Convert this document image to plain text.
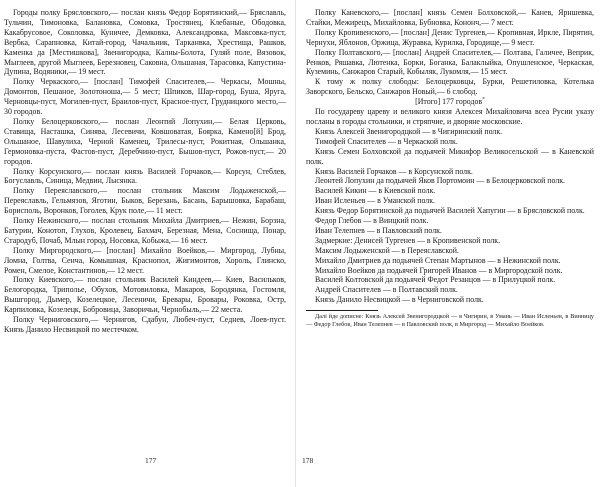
Городы полку Брясловского,— послан князь Федор Борятинский,— Бряславль, Тульчин, Тимоновка, Балановка, Сомовка, Тростянец, Клебаные, Ободовка, Какабрусовое, Соколовка, Куничее, Демковка, Александровка, Максовка-пуст, Вербка, Сарапновка, Китай-город, Чачальник, Тарканвка, Хрестища, Рашков, Каменка да [Местишкова], Звенигородка, Калны-Болота, Гуляй поле, Вязовок, Мыглеев, другой Мыглеев, Березновец, Саковна, Ольшаная, Тарасовка, Капустина-Дупина, Водяники,— 19 мест.

Полку Черкаского,— [послан] Тимофей Спасителев,— Черкасы, Мошны, Домонтов, Пешаное, Золотоноша,— 5 мест; Шпиков, Шар-город, Буша, Яруга, Черновцы-пуст, Могилев-пуст, Браилов-пуст, Красное-пуст, Грудницкого место,— 30 городов.

Полку Белоцерковского,— послан Леонтий Лопухин,— Белая Церковь, Ставища, Насташка, Синява, Лесевичи, Ковшоватая, Боярка, Камено[й] Брод, Ольшаное, Шавулиха, Черной Каменец, Трилесы-пуст, Рокитная, Ольшанка, Гермоновка-пуста, Фастов-пуст, Деребчино-пуст, Бышов-пуст, Рожов-пуст,— 20 городов.

Полку Корсунского,— послан князь Василей Горчаков,— Корсун, Стеблев, Богуславль, Синица, Медвин, Лысянка.

Полку Переяславского,— послан стольник Максим Лодыженской,— Переяславль, Гельмязов, Яготин, Быков, Березань, Басань, Барышовка, Барабаш, Борисполь, Воронков, Гоголев, Крук поле,— 11 мест.

Полку Нежинского,— послан стольник Михайла Дмитриев,— Нежин, Борзна, Батурин, Конотоп, Глухов, Кролевец, Бахмач, Березная, Мена, Соснища, Понар, Стародуб, Почаб, Млын город, Носовка, Кобыжа,— 16 мест.

Полку Миргородского,— [послан] Михайло Воейков,— Миргород, Лубны, Ломна, Голтва, Сенча, Комышная, Краснопол, Жигимонтов, Хороль, Глинско, Ромен, Смелое, Константинов,— 12 мест.

Полку Киевского,— послан стольник Василей Киндеев,— Киев, Васильков, Белогородка, Триполье, Обухов, Мотовиловка, Макаров, Бородянка, Гостомля, Вышгород, Дымер, Козелецкое, Лесеничи, Бревары, Бровары, Роковка, Остр, Карпиловка, Козелецк, Бобровица, Заворичьи, Чернобыль,— 22 места.

Полку Черниговского,— Чернигов, Сдабун, Любеч-пуст, Седнев, Лоев-пуст. Князь Данило Несвицкой по местечком.

177

Полку Каневского,— [послан] князь Семен Болховской,— Канев, Ярншевка, Стайки, Межирецъ, Михайловка, Бубновка, Кононч,— 7 мест.

Полку Кропивенского,— [послан] Денис Тургенев,— Кропивная, Иркле, Пирятин, Чернухи, Яблонов, Оржица, Журавка, Курилка, Городище,— 9 мест.

Полку Полтавского,— [послан] Андрей Спасителев,— Полтава, Галичее, Веприк, Ренков, Ряшавка, Лютенка, Борки, Боганка, Балаклыйка, Опушленское, Черкаская, Куземинь, Санжаров Старый, Кобыляк, Лукомля,— 15 мест.

К тому ж полку слободы: Белоцерковцы, Бурки, Решетиловка, Котелька Заворского, Бельско, Санжаров Новый,— 6 слобод.

[Итого] 177 городов*

По государеву цареву и великого князя Алексея Михайловича всеа Русии указу посланы в городы стольники, и стряпчие, и дворяне московские.

Князь Алексей Звенигородцкой — в Чигиринский полк.

Тимофей Спасителев — в Черкаской полк.

Князь Семен Болховской да подьячей Микифор Великосельской — в Каневской полк.

Князь Василей Горчаков — в Корсунской полк.

Леонтей Лопухин да подьячей Яков Портомоин — в Белоцерковской полк.

Василей Кикин — в Киевской полк.

Иван Исленьев — в Уманской полк.

Князь Федор Борятинской да подьячей Василей Хапугин — в Брясловской полк.

Федор Глебов — в Винцкий полк.

Иван Телепнев — в Павловский полк.

Задмеркие: Денисей Тургенев — в Кропивенской полк.

Максим Лодыженской — в Переяславской.

Михайло Дмитриев да подьячей Степан Мартынов — в Нежинской полк.

Михайло Воейков да подьячей Григорей Иванов — в Миргородской полк.

Василей Колтовской да подьячей Федот Резанцов — в Прилуцкой полк.

Андрей Спасителев — в Полтавский полк.

Князь Данило Несвицкой — в Черниговской полк.

Далі йде дописне: Князь Алексей Звенигородцкой — в Чигирин, в Умань — Иван Исленьев, в Винницу — Федор Глебов, Иван Телепнев — в Павловский полк, в Миргород — Михайло Воейков.

178
